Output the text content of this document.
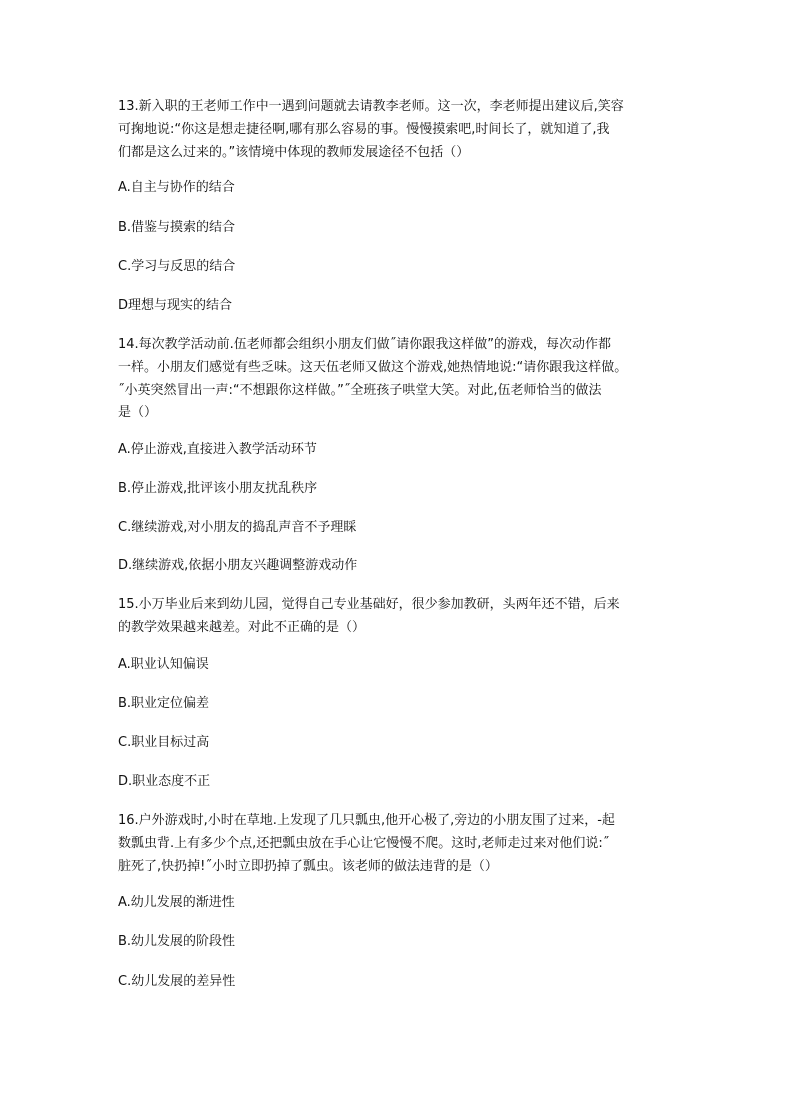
13.新入职的王老师工作中一遇到问题就去请教李老师。这一次，李老师提出建议后,笑容
可掬地说:“你这是想走捷径啊,哪有那么容易的事。慢慢摸索吧,时间长了，就知道了,我
们都是这么过来的。”该情境中体现的教师发展途径不包括（）
A.自主与协作的结合
B.借鉴与摸索的结合
C.学习与反思的结合
D理想与现实的结合
14.每次教学活动前.伍老师都会组织小朋友们做˝请你跟我这样做”的游戏，每次动作都
一样。小朋友们感觉有些乏味。这天伍老师又做这个游戏,她热情地说:“请你跟我这样做。
˝小英突然冒出一声:“不想跟你这样做。”˝全班孩子哄堂大笑。对此,伍老师恰当的做法
是（）
A.停止游戏,直接进入教学活动环节
B.停止游戏,批评该小朋友扰乱秩序
C.继续游戏,对小朋友的捣乱声音不予理睬
D.继续游戏,依据小朋友兴趣调整游戏动作
15.小万毕业后来到幼儿园，觉得自己专业基础好，很少参加教研，头两年还不错，后来
的教学效果越来越差。对此不正确的是（）
A.职业认知偏误
B.职业定位偏差
C.职业目标过高
D.职业态度不正
16.户外游戏时,小时在草地.上发现了几只瓢虫,他开心极了,旁边的小朋友围了过来，-起
数瓢虫背.上有多少个点,还把瓢虫放在手心让它慢慢不爬。这时,老师走过来对他们说:˝
脏死了,快扔掉!˝小时立即扔掉了瓢虫。该老师的做法违背的是（）
A.幼儿发展的渐进性
B.幼儿发展的阶段性
C.幼儿发展的差异性
